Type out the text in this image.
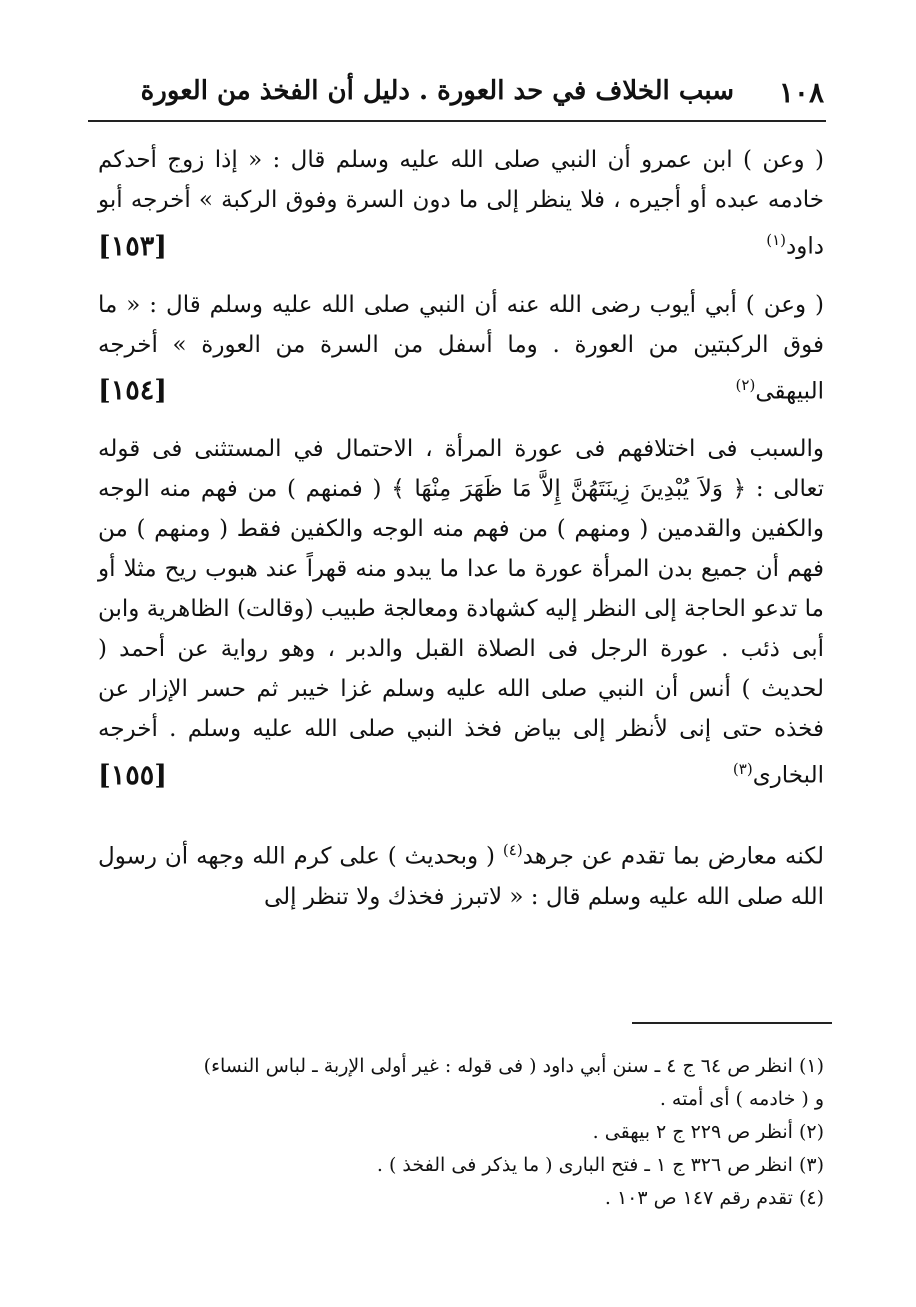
١٠٨
سبب الخلاف في حد العورة . دليل أن الفخذ من العورة

( وعن ) ابن عمرو أن النبي صلى الله عليه وسلم قال : « إذا زوج أحدكم خادمه عبده أو أجيره ، فلا ينظر إلى ما دون السرة وفوق الركبة » أخرجه أبو داود$^{(١)}$

[١٥٣]

( وعن ) أبي أيوب رضى الله عنه أن النبي صلى الله عليه وسلم قال : « ما فوق الركبتين من العورة . وما أسفل من السرة من العورة » أخرجه البيهقى$^{(٢)}$

[١٥٤]

والسبب فى اختلافهم فى عورة المرأة ، الاحتمال في المستثنى فى قوله تعالى : ﴿ وَلاَ يُبْدِينَ زِينَتَهُنَّ إِلاَّ مَا ظَهَرَ مِنْهَا ﴾ ( فمنهم ) من فهم منه الوجه والكفين والقدمين ( ومنهم ) من فهم منه الوجه والكفين فقط ( ومنهم ) من فهم أن جميع بدن المرأة عورة ما عدا ما يبدو منه قهراً عند هبوب ريح مثلا أو ما تدعو الحاجة إلى النظر إليه كشهادة ومعالجة طبيب (وقالت) الظاهرية وابن أبى ذئب . عورة الرجل فى الصلاة القبل والدبر ، وهو رواية عن أحمد ( لحديث ) أنس أن النبي صلى الله عليه وسلم غزا خيبر ثم حسر الإزار عن فخذه حتى إنى لأنظر إلى بياض فخذ النبي صلى الله عليه وسلم . أخرجه البخارى$^{(٣)}$

[١٥٥]

لكنه معارض بما تقدم عن جرهد$^{(٤)}$ ( وبحديث ) على كرم الله وجهه أن رسول الله صلى الله عليه وسلم قال : « لاتبرز فخذك ولا تنظر إلى

(١) انظر ص ٦٤ ج ٤ ـ سنن أبي داود ( فى قوله : غير أولى الإربة ـ لباس النساء)
و ( خادمه ) أى أمته .
(٢) أنظر ص ٢٢٩ ج ٢ بيهقى .
(٣) انظر ص ٣٢٦ ج ١ ـ فتح البارى ( ما يذكر فى الفخذ ) .
(٤) تقدم رقم ١٤٧ ص ١٠٣ .
